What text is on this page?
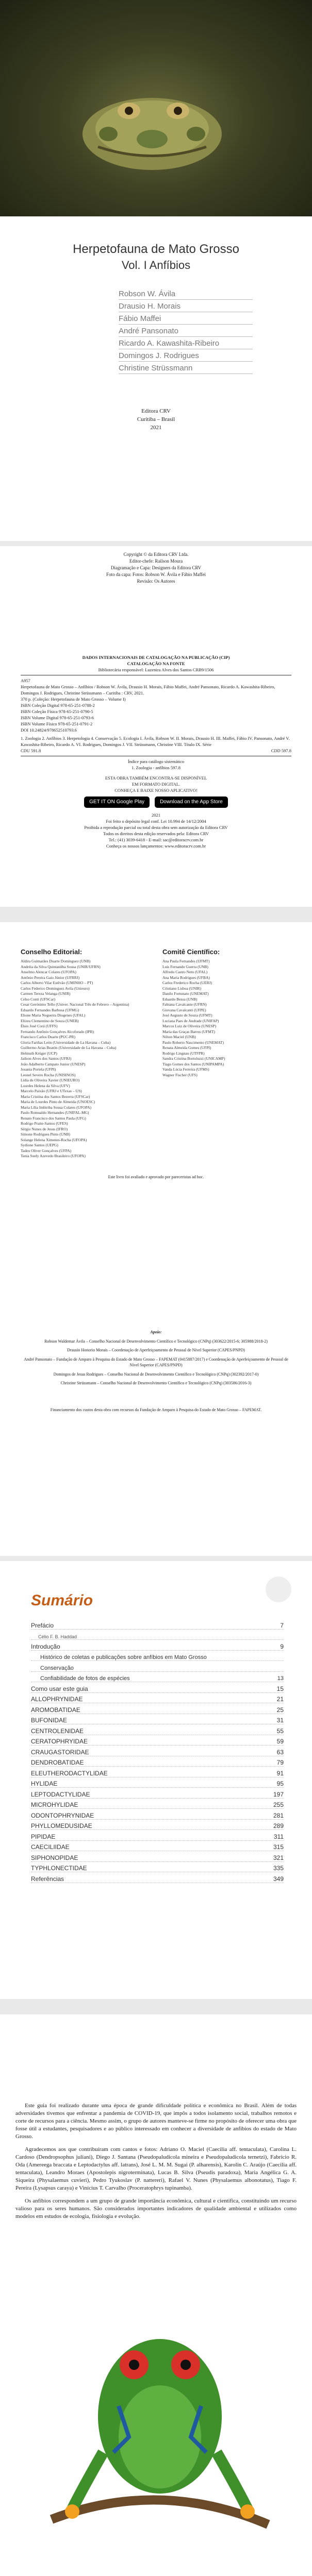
Herpetofauna de Mato Grosso
Vol. I Anfíbios
Robson W. Ávila
Drausio H. Morais
Fábio Maffei
André Pansonato
Ricardo A. Kawashita-Ribeiro
Domingos J. Rodrigues
Christine Strüssmann
Editora CRV
Curitiba – Brasil
2021
Copyright © da Editora CRV Ltda.
Editor-chefe: Railson Moura
Diagramação e Capa: Designers da Editora CRV
Foto da capa: Fotos: Robson W. Ávila e Fábio Maffei
Revisão: Os Autores
DADOS INTERNACIONAIS DE CATALOGAÇÃO NA PUBLICAÇÃO (CIP)
CATALOGAÇÃO NA FONTE
Bibliotecária responsável: Luzenira Alves dos Santos CRB9/1506
A957
Herpetofauna de Mato Grosso – Anfíbios / Robson W. Ávila, Drausio H. Morais, Fábio Maffei, André Pansonato, Ricardo A. Kawashita-Ribeiro, Domingos J. Rodrigues, Christine Strüssmann – Curitiba : CRV, 2021.
370 p. (Coleção: Herpetofauna de Mato Grosso – Volume I)
ISBN Coleção Digital 978-65-251-0788-2
ISBN Coleção Física 978-65-251-0790-5
ISBN Volume Digital 978-65-251-0793-6
ISBN Volume Físico 978-65-251-0791-2
DOI 10.24824/978652510793.6
1. Zoologia 2. Anfíbios 3. Herpetologia 4. Conservação 5. Ecologia I. Ávila, Robson W. II. Morais, Drausio H. III. Maffei, Fábio IV. Pansonato, André V. Kawashita-Ribeiro, Ricardo A. VI. Rodrigues, Domingos J. VII. Strüssmann, Christine VIII. Título IX. Série
CDU 591.8	CDD 597.8
Índice para catálogo sistemático
1. Zoologia - anfíbios 597.8
ESTA OBRA TAMBÉM ENCONTRA-SE DISPONÍVEL
EM FORMATO DIGITAL.
CONHEÇA E BAIXE NOSSO APLICATIVO!
GET IT ON Google Play	Download on the App Store
2021
Foi feito o depósito legal conf. Lei 10.994 de 14/12/2004
Proibida a reprodução parcial ou total desta obra sem autorização da Editora CRV
Todos os direitos desta edição reservados pela: Editora CRV
Tel.: (41) 3039-6418 - E-mail: sac@editoracrv.com.br
Conheça os nossos lançamentos: www.editoracrv.com.br
Conselho Editorial:
Aldira Guimarães Duarte Domínguez (UNB)
Andréia da Silva Quintanilha Sousa (UNIR/UFRN)
Anselmo Alencar Colares (UFOPA)
Antônio Pereira Gaio Júnior (UFRRJ)
Carlos Alberto Vilar Estêvão (UMINHO – PT)
Carlos Federico Dominguez Avila (Unieuro)
Carmen Tereza Velanga (UNIR)
Celso Conti (UFSCar)
Cesar Gerónimo Tello (Univer. Nacional Três de Febrero – Argentina)
Eduardo Fernandes Barbosa (UFMG)
Elione Maria Nogueira Diogenes (UFAL)
Elizeu Clementino de Souza (UNEB)
Élsio José Corá (UFFS)
Fernando Antônio Gonçalves Alcoforado (IPB)
Francisco Carlos Duarte (PUC-PR)
Gloria Fariñas León (Universidade de La Havana – Cuba)
Guillermo Arias Beatón (Universidade de La Havana – Cuba)
Helmuth Krüger (UCP)
Jailson Alves dos Santos (UFRJ)
João Adalberto Campato Junior (UNESP)
Josania Portela (UFPI)
Leonel Severo Rocha (UNISINOS)
Lídia de Oliveira Xavier (UNIEURO)
Lourdes Helena da Silva (UFV)
Marcelo Paixão (UFRJ e UTexas – US)
Maria Cristina dos Santos Bezerra (UFSCar)
Maria de Lourdes Pinto de Almeida (UNOESC)
Maria Lília Imbiriba Sousa Colares (UFOPA)
Paulo Romualdo Hernandes (UNIFAL-MG)
Renato Francisco dos Santos Paula (UFG)
Rodrigo Pratte-Santos (UFES)
Sérgio Nunes de Jesus (IFRO)
Simone Rodrigues Pinto (UNB)
Solange Helena Ximenes-Rocha (UFOPA)
Sydione Santos (UEPG)
Tadeu Oliver Gonçalves (UFPA)
Tania Suely Azevedo Brasileiro (UFOPA)
Comitê Científico:
Ana Paula Fernandes (UFMT)
Luis Fernando Guerra (UNB)
Alfredo Castro Neto (UFAL)
Ana Maria Rodrigues (UFBA)
Carlos Frederico Rocha (UERJ)
Cristiano Lisboa (UNIR)
Danilo Fortunato (UNEMAT)
Eduardo Bessa (UNB)
Fabiana Cavalcante (UFRN)
Giovana Cavalcanti (UFPE)
José Augusto de Souza (UFMT)
Luciana Paes de Andrade (UNIFAP)
Marcos Luiz de Oliveira (UNESP)
Maria das Graças Barros (UFMT)
Nilton Maciel (UNB)
Paulo Roberto Nascimento (UNEMAT)
Renata Almeida Gomes (UFPI)
Rodrigo Lingnau (UTFPR)
Sandra Cristina Bortoluzzi (UNICAMP)
Tiago Gomes dos Santos (UNIPAMPA)
Vanda Lúcia Ferreira (UFMS)
Wagner Fischer (UFS)
Este livro foi avaliado e aprovado por pareceristas ad hoc.
Apoio:
Robson Waldemar Ávila – Conselho Nacional de Desenvolvimento Científico e Tecnológico (CNPq) (303622/2015-6; 305988/2018-2)
Drausio Honorio Morais – Coordenação de Aperfeiçoamento de Pessoal de Nível Superior (CAPES/PNPD)
André Pansonato – Fundação de Amparo à Pesquisa do Estado de Mato Grosso – FAPEMAT (0415887/2017) e Coordenação de Aperfeiçoamento de Pessoal de Nível Superior (CAPES/PNPD)
Domingos de Jesus Rodrigues – Conselho Nacional de Desenvolvimento Científico e Tecnológico (CNPq) (302392/2017-0)
Christine Strüssmann – Conselho Nacional de Desenvolvimento Científico e Tecnológico (CNPq) (303586/2016-3)
Financiamento dos custos desta obra com recursos da Fundação de Amparo à Pesquisa do Estado de Mato Grosso – FAPEMAT.
Sumário
Prefácio	7
Célio F. B. Haddad
Introdução	9
Histórico de coletas e publicações sobre anfíbios em Mato Grosso
Conservação
Confiabilidade de fotos de espécies	13
Como usar este guia	15
ALLOPHRYNIDAE	21
AROMOBATIDAE	25
BUFONIDAE	31
CENTROLENIDAE	55
CERATOPHRYIDAE	59
CRAUGASTORIDAE	63
DENDROBATIDAE	79
ELEUTHERODACTYLIDAE	91
HYLIDAE	95
LEPTODACTYLIDAE	197
MICROHYLIDAE	255
ODONTOPHRYNIDAE	281
PHYLLOMEDUSIDAE	289
PIPIDAE	311
CAECILIIDAE	315
SIPHONOPIDAE	321
TYPHLONECTIDAE	335
Referências	349

Este guia foi realizado durante uma época de grande dificuldade política e econômica no Brasil. Além de todas adversidades tivemos que enfrentar a pandemia de COVID-19, que impôs a todos isolamento social, trabalhos remotos e corte de recursos para a ciência. Mesmo assim, o grupo de autores manteve-se firme no propósito de oferecer uma obra que fosse útil a estudantes, pesquisadores e ao público interessado em conhecer a diversidade de anfíbios do estado de Mato Grosso.

Agradecemos aos que contribuíram com cantos e fotos: Adriano O. Maciel (Caecilia aff. tentaculata), Carolina L. Cardoso (Dendropsophus juliani), Diego J. Santana (Pseudopaludicola mineira e Pseudopaludicola ternetzi), Fabrício R. Oda (Amereega braccata e Leptodactylus aff. latrans), José L. M. M. Sugai (P. alharensis), Karolin C. Araújo (Caecilia aff. tentaculata), Leandro Moraes (Apostolepis nigroterminata), Lucas B. Silva (Pseudis paradoxa), Maria Angélica G. A. Siqueira (Physalaemus cuvieri), Pedro Tyukoslav (P. nattereri), Rafael V. Nunes (Physalaemus albonotatus), Tiago F. Pereira (Lysapsus caraya) e Vinícius T. Carvalho (Proceratophrys tupinamba).

Os anfíbios correspondem a um grupo de grande importância econômica, cultural e científica, constituindo um recurso valioso para os seres humanos. São considerados importantes indicadores de qualidade ambiental e utilizados como modelos em estudos de ecologia, fisiologia e evolução.
